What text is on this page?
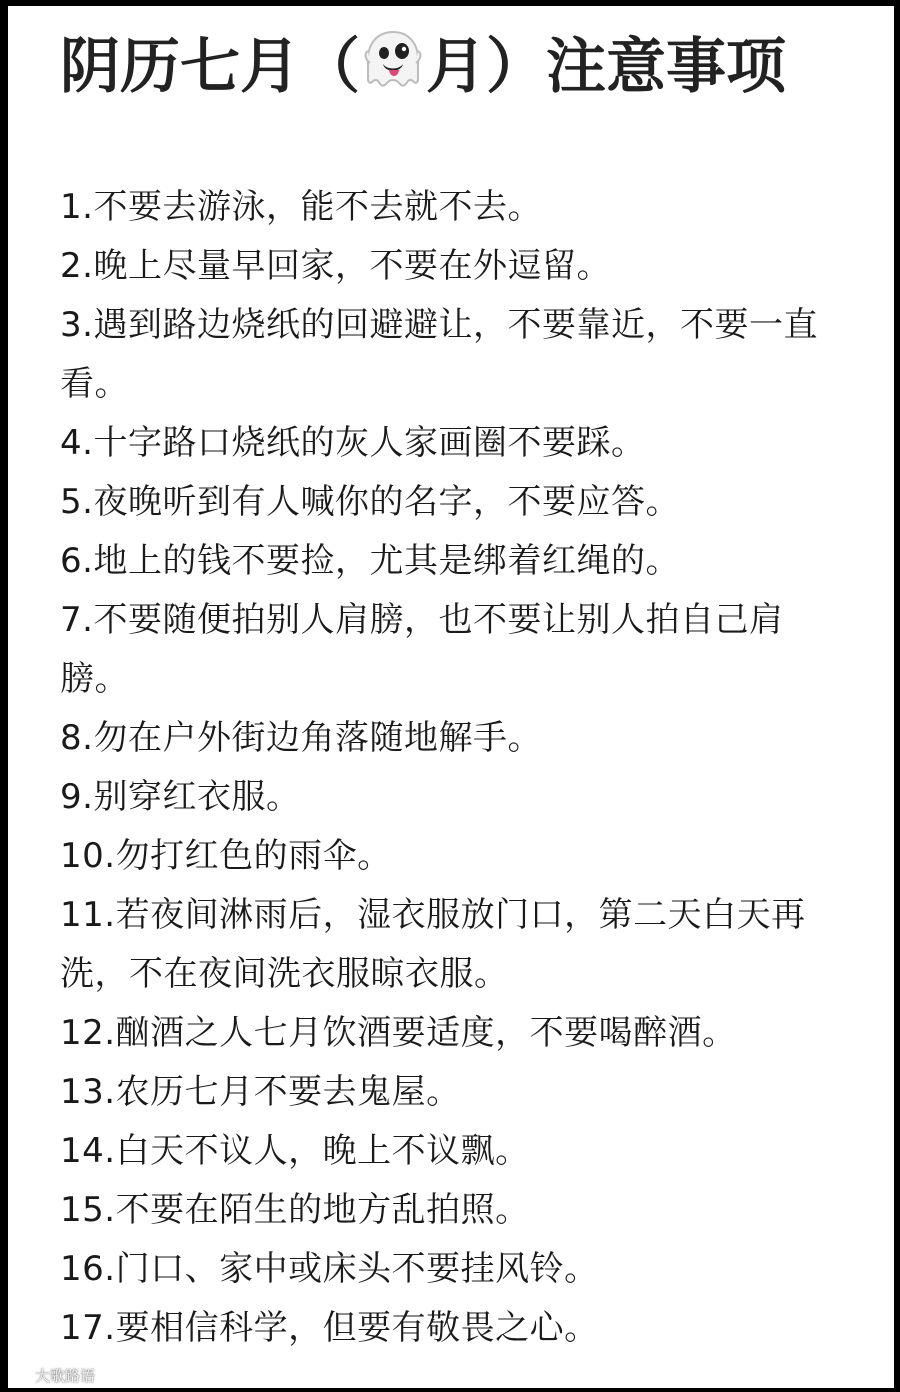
阴历七月（ 月）注意事项
1.不要去游泳，能不去就不去。
2.晚上尽量早回家，不要在外逗留。
3.遇到路边烧纸的回避避让，不要靠近，不要一直看。
4.十字路口烧纸的灰人家画圈不要踩。
5.夜晚听到有人喊你的名字，不要应答。
6.地上的钱不要捡，尤其是绑着红绳的。
7.不要随便拍别人肩膀，也不要让别人拍自己肩膀。
8.勿在户外街边角落随地解手。
9.别穿红衣服。
10.勿打红色的雨伞。
11.若夜间淋雨后，湿衣服放门口，第二天白天再洗，不在夜间洗衣服晾衣服。
12.酗酒之人七月饮酒要适度，不要喝醉酒。
13.农历七月不要去鬼屋。
14.白天不议人，晚上不议飘。
15.不要在陌生的地方乱拍照。
16.门口、家中或床头不要挂风铃。
17.要相信科学，但要有敬畏之心。
大歌路语
